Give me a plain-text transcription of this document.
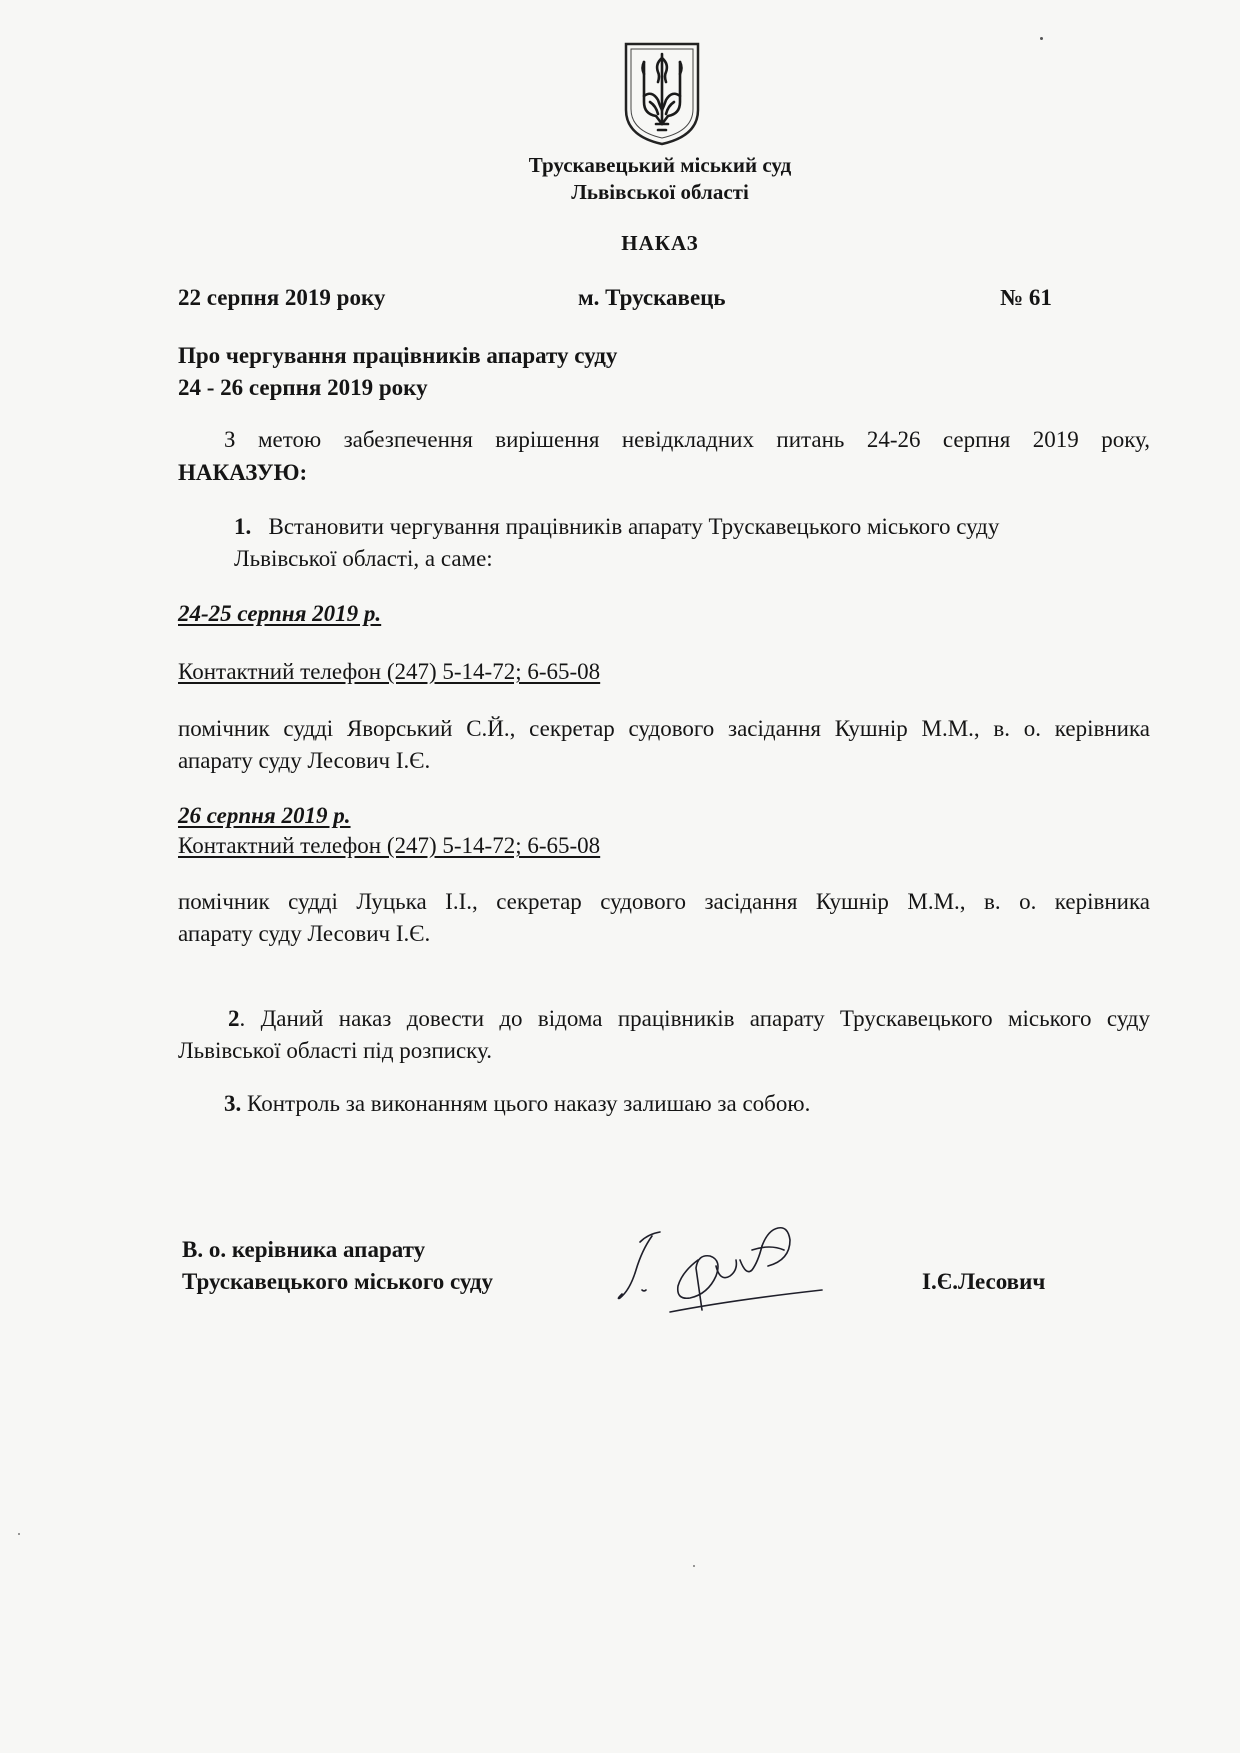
Трускавецький міський суд
Львівської області
НАКАЗ
22 серпня 2019 року	м. Трускавець	№ 61
Про чергування працівників апарату суду
24 - 26 серпня 2019 року
З метою забезпечення вирішення невідкладних питань 24-26 серпня 2019 року,
НАКАЗУЮ:
1. Встановити чергування працівників апарату Трускавецького міського суду
Львівської області, а саме:
24-25 серпня 2019 р.
Контактний телефон (247) 5-14-72; 6-65-08
помічник судді Яворський С.Й., секретар судового засідання Кушнір М.М., в. о. керівника
апарату суду Лесович І.Є.
26 серпня 2019 р.
Контактний телефон (247) 5-14-72; 6-65-08
помічник судді Луцька І.І., секретар судового засідання Кушнір М.М., в. о. керівника
апарату суду Лесович І.Є.
2. Даний наказ довести до відома працівників апарату Трускавецького міського суду
Львівської області під розписку.
3. Контроль за виконанням цього наказу залишаю за собою.
В. о. керівника апарату
Трускавецького міського суду	І.Є.Лесович
